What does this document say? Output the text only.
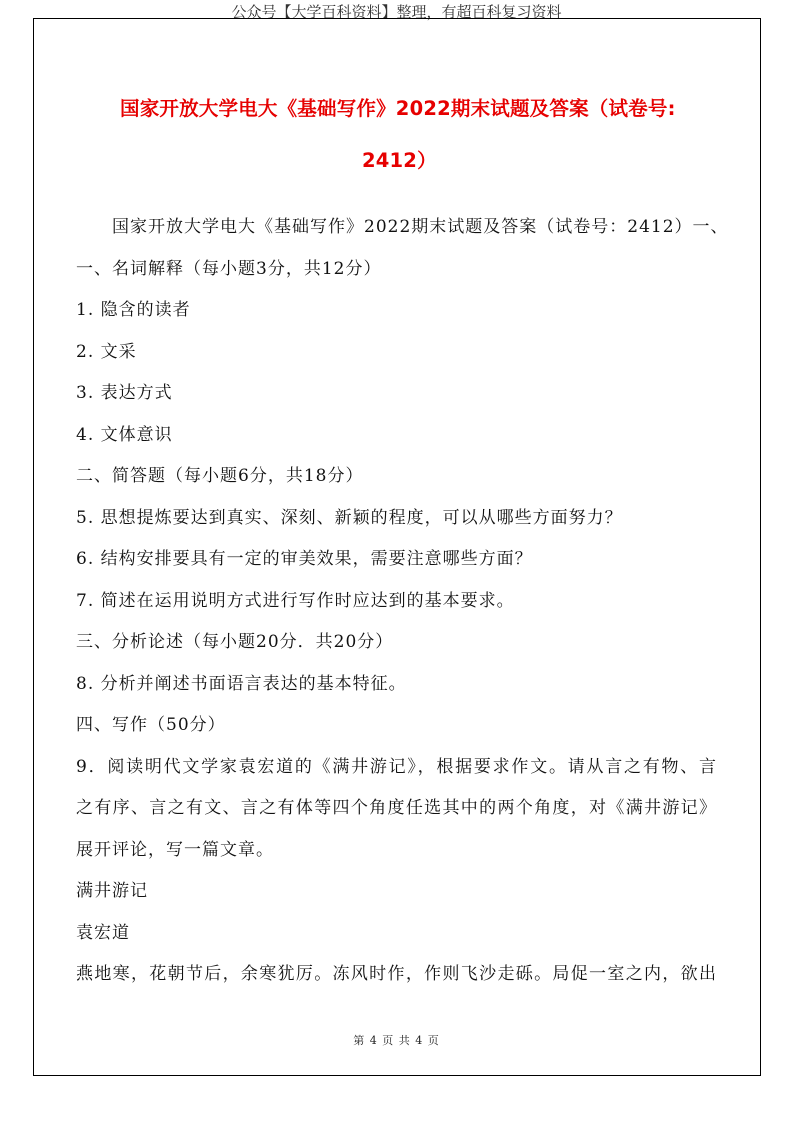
公众号【大学百科资料】整理，有超百科复习资料
国家开放大学电大《基础写作》2022期末试题及答案（试卷号:
2412）
国家开放大学电大《基础写作》2022期末试题及答案（试卷号：2412）一、
一、名词解释（每小题3分，共12分）
1. 隐含的读者
2. 文采
3. 表达方式
4. 文体意识
二、简答题（每小题6分，共18分）
5. 思想提炼要达到真实、深刻、新颖的程度，可以从哪些方面努力？
6. 结构安排要具有一定的审美效果，需要注意哪些方面？
7. 简述在运用说明方式进行写作时应达到的基本要求。
三、分析论述（每小题20分．共20分）
8. 分析并阐述书面语言表达的基本特征。
四、写作（50分）
9．阅读明代文学家袁宏道的《满井游记》，根据要求作文。请从言之有物、言
之有序、言之有文、言之有体等四个角度任选其中的两个角度，对《满井游记》
展开评论，写一篇文章。
满井游记
袁宏道
燕地寒，花朝节后，余寒犹厉。冻风时作，作则飞沙走砾。局促一室之内，欲出
第 4 页 共 4 页
